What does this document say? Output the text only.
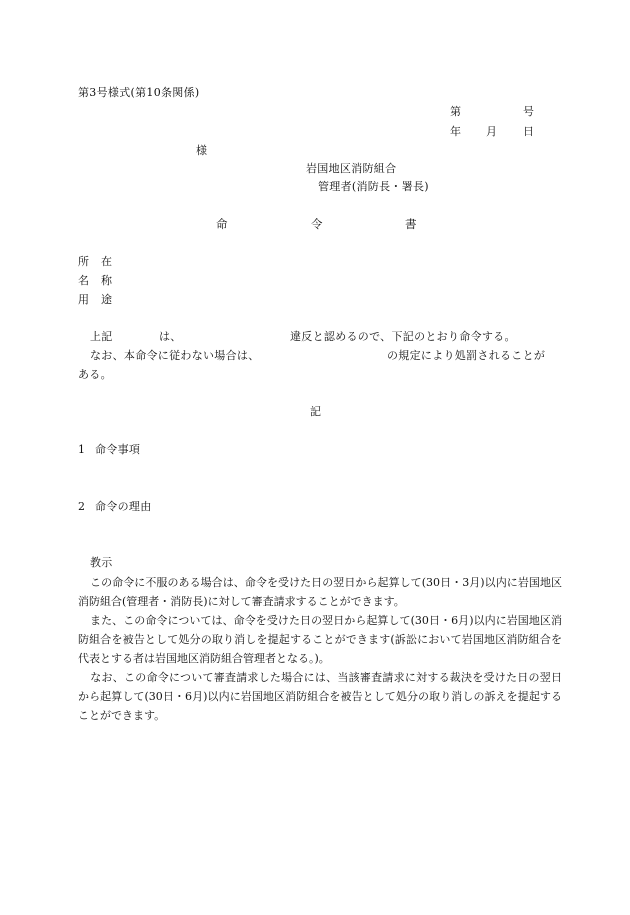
第3号様式(第10条関係)
第	号
年 月 日
様
岩国地区消防組合
管理者(消防長・署長)
命	令	書
所 在
名 称
用 途
上記	は、	違反と認めるので、下記のとおり命令する。
なお、本命令に従わない場合は、	の規定により処罰されることが
ある。
記
1 命令事項
2 命令の理由
教示
この命令に不服のある場合は、命令を受けた日の翌日から起算して(30日・3月)以内に岩国地区消防組合(管理者・消防長)に対して審査請求することができます。
また、この命令については、命令を受けた日の翌日から起算して(30日・6月)以内に岩国地区消防組合を被告として処分の取り消しを提起することができます(訴訟において岩国地区消防組合を代表とする者は岩国地区消防組合管理者となる。)。
なお、この命令について審査請求した場合には、当該審査請求に対する裁決を受けた日の翌日から起算して(30日・6月)以内に岩国地区消防組合を被告として処分の取り消しの訴えを提起することができます。
